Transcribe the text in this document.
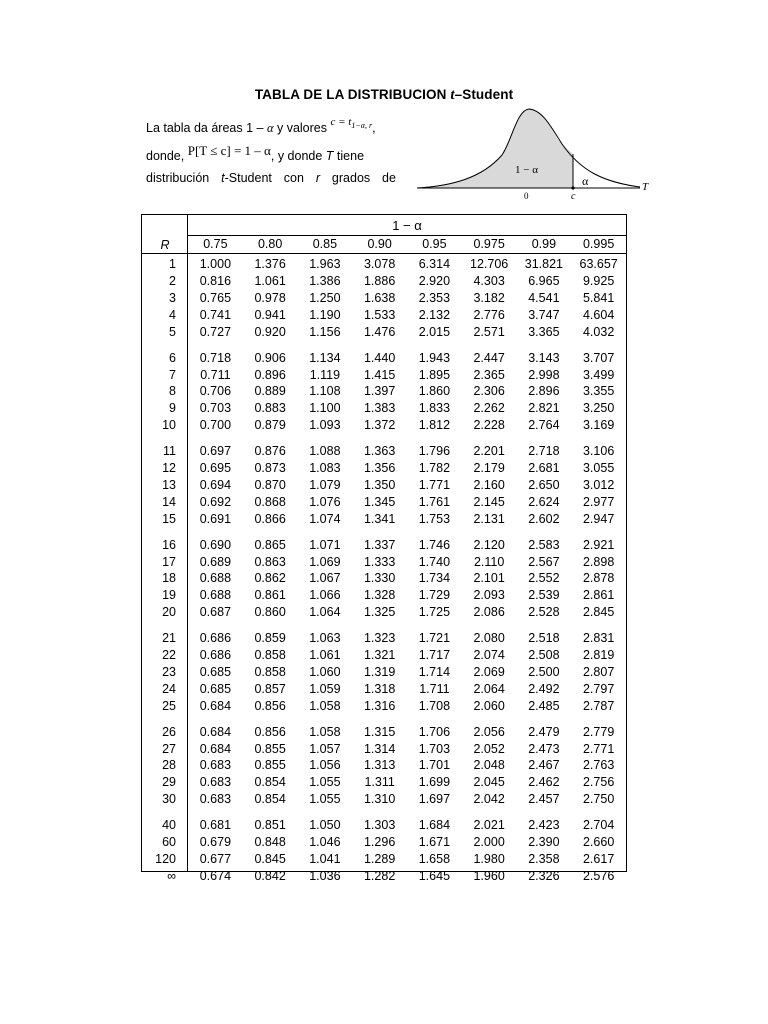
TABLA DE LA DISTRIBUCION t–Student
La tabla da áreas 1 – α y valores $c = t_{1-\alpha, r}$,
donde, P[T ≤ c] = 1 – α, y donde T tiene
distribución t-Student con r grados de
1 − α
α
0	c
T
1 − α
R	0.75	0.80	0.85	0.90	0.95	0.975	0.99	0.995
1	1.000	1.376	1.963	3.078	6.314	12.706	31.821	63.657
2	0.816	1.061	1.386	1.886	2.920	4.303	6.965	9.925
3	0.765	0.978	1.250	1.638	2.353	3.182	4.541	5.841
4	0.741	0.941	1.190	1.533	2.132	2.776	3.747	4.604
5	0.727	0.920	1.156	1.476	2.015	2.571	3.365	4.032
6	0.718	0.906	1.134	1.440	1.943	2.447	3.143	3.707
7	0.711	0.896	1.119	1.415	1.895	2.365	2.998	3.499
8	0.706	0.889	1.108	1.397	1.860	2.306	2.896	3.355
9	0.703	0.883	1.100	1.383	1.833	2.262	2.821	3.250
10	0.700	0.879	1.093	1.372	1.812	2.228	2.764	3.169
11	0.697	0.876	1.088	1.363	1.796	2.201	2.718	3.106
12	0.695	0.873	1.083	1.356	1.782	2.179	2.681	3.055
13	0.694	0.870	1.079	1.350	1.771	2.160	2.650	3.012
14	0.692	0.868	1.076	1.345	1.761	2.145	2.624	2.977
15	0.691	0.866	1.074	1.341	1.753	2.131	2.602	2.947
16	0.690	0.865	1.071	1.337	1.746	2.120	2.583	2.921
17	0.689	0.863	1.069	1.333	1.740	2.110	2.567	2.898
18	0.688	0.862	1.067	1.330	1.734	2.101	2.552	2.878
19	0.688	0.861	1.066	1.328	1.729	2.093	2.539	2.861
20	0.687	0.860	1.064	1.325	1.725	2.086	2.528	2.845
21	0.686	0.859	1.063	1.323	1.721	2.080	2.518	2.831
22	0.686	0.858	1.061	1.321	1.717	2.074	2.508	2.819
23	0.685	0.858	1.060	1.319	1.714	2.069	2.500	2.807
24	0.685	0.857	1.059	1.318	1.711	2.064	2.492	2.797
25	0.684	0.856	1.058	1.316	1.708	2.060	2.485	2.787
26	0.684	0.856	1.058	1.315	1.706	2.056	2.479	2.779
27	0.684	0.855	1.057	1.314	1.703	2.052	2.473	2.771
28	0.683	0.855	1.056	1.313	1.701	2.048	2.467	2.763
29	0.683	0.854	1.055	1.311	1.699	2.045	2.462	2.756
30	0.683	0.854	1.055	1.310	1.697	2.042	2.457	2.750
40	0.681	0.851	1.050	1.303	1.684	2.021	2.423	2.704
60	0.679	0.848	1.046	1.296	1.671	2.000	2.390	2.660
120	0.677	0.845	1.041	1.289	1.658	1.980	2.358	2.617
∞	0.674	0.842	1.036	1.282	1.645	1.960	2.326	2.576
